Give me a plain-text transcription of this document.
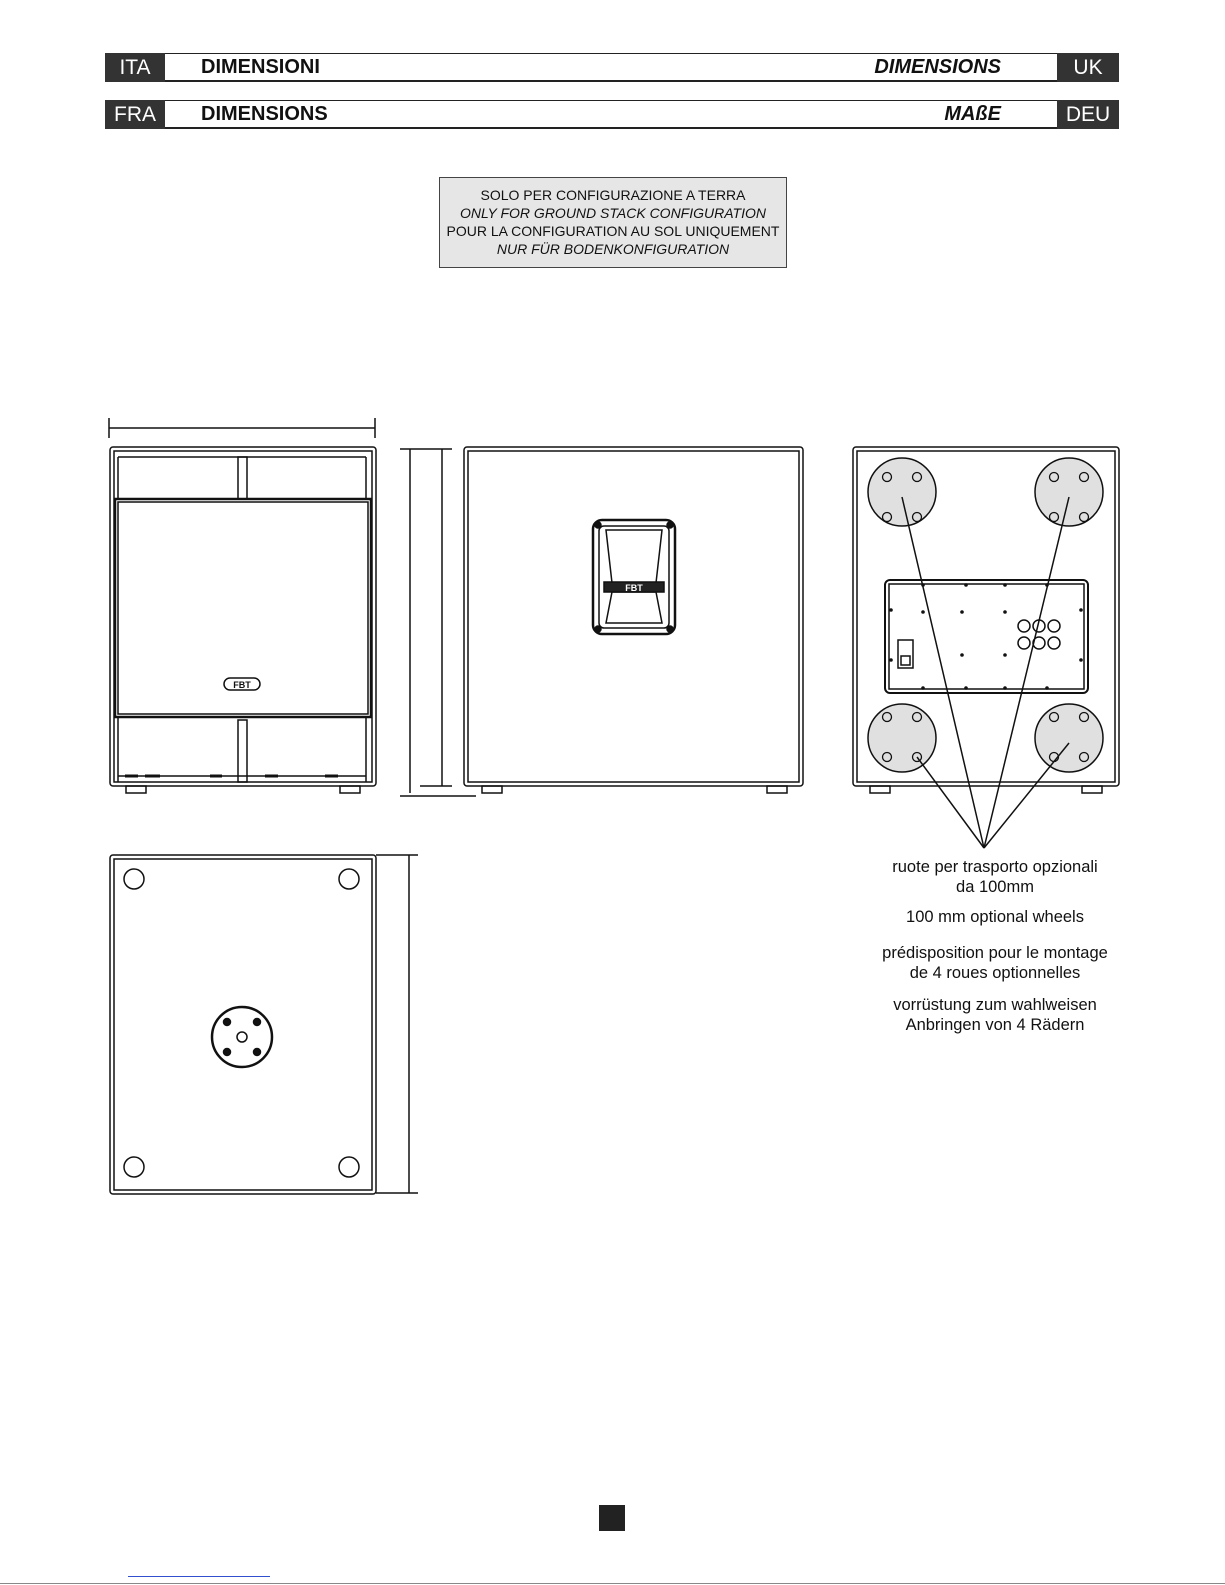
ITA	DIMENSIONI	DIMENSIONS	UK
FRA	DIMENSIONS	MAßE	DEU
SOLO PER CONFIGURAZIONE A TERRA
ONLY FOR GROUND STACK CONFIGURATION
POUR LA CONFIGURATION AU SOL UNIQUEMENT
NUR FÜR BODENKONFIGURATION
FBT
FBT
ruote per trasporto opzionali
da 100mm
100 mm optional wheels
prédisposition pour le montage
de 4 roues optionnelles
vorrüstung zum wahlweisen
Anbringen von 4 Rädern
